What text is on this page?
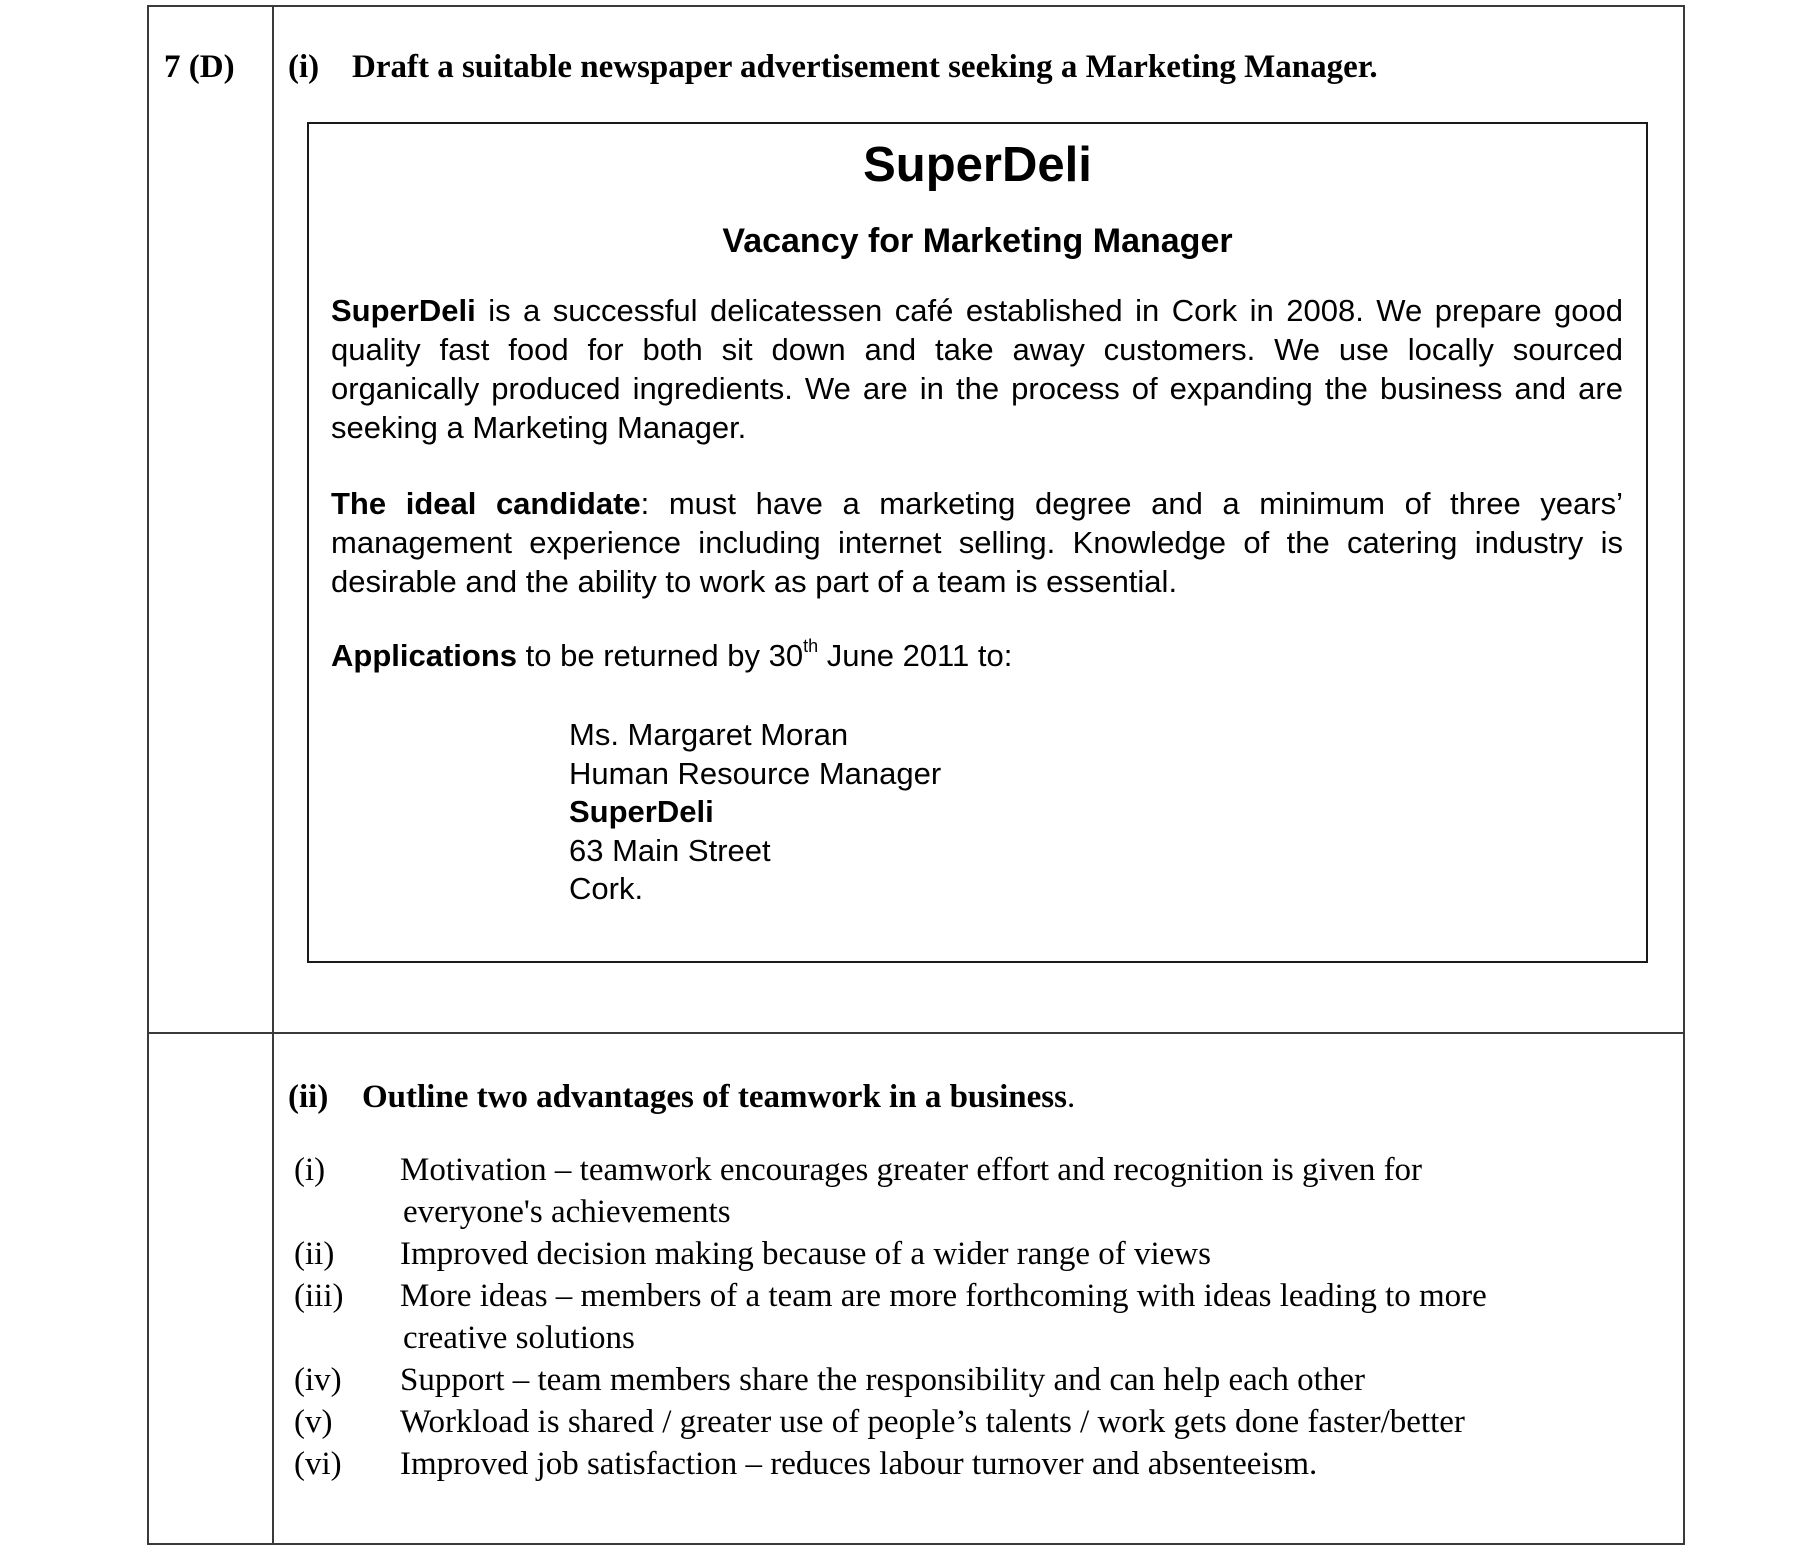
7 (D) (i) Draft a suitable newspaper advertisement seeking a Marketing Manager.
SuperDeli
Vacancy for Marketing Manager

SuperDeli is a successful delicatessen café established in Cork in 2008. We prepare good quality fast food for both sit down and take away customers. We use locally sourced organically produced ingredients. We are in the process of expanding the business and are seeking a Marketing Manager.

The ideal candidate: must have a marketing degree and a minimum of three years’ management experience including internet selling. Knowledge of the catering industry is desirable and the ability to work as part of a team is essential.

Applications to be returned by 30th June 2011 to:

Ms. Margaret Moran
Human Resource Manager
SuperDeli
63 Main Street
Cork.
(ii) Outline two advantages of teamwork in a business.
(i) Motivation – teamwork encourages greater effort and recognition is given for
everyone's achievements
(ii) Improved decision making because of a wider range of views
(iii) More ideas – members of a team are more forthcoming with ideas leading to more
creative solutions
(iv) Support – team members share the responsibility and can help each other
(v) Workload is shared / greater use of people’s talents / work gets done faster/better
(vi) Improved job satisfaction – reduces labour turnover and absenteeism.
